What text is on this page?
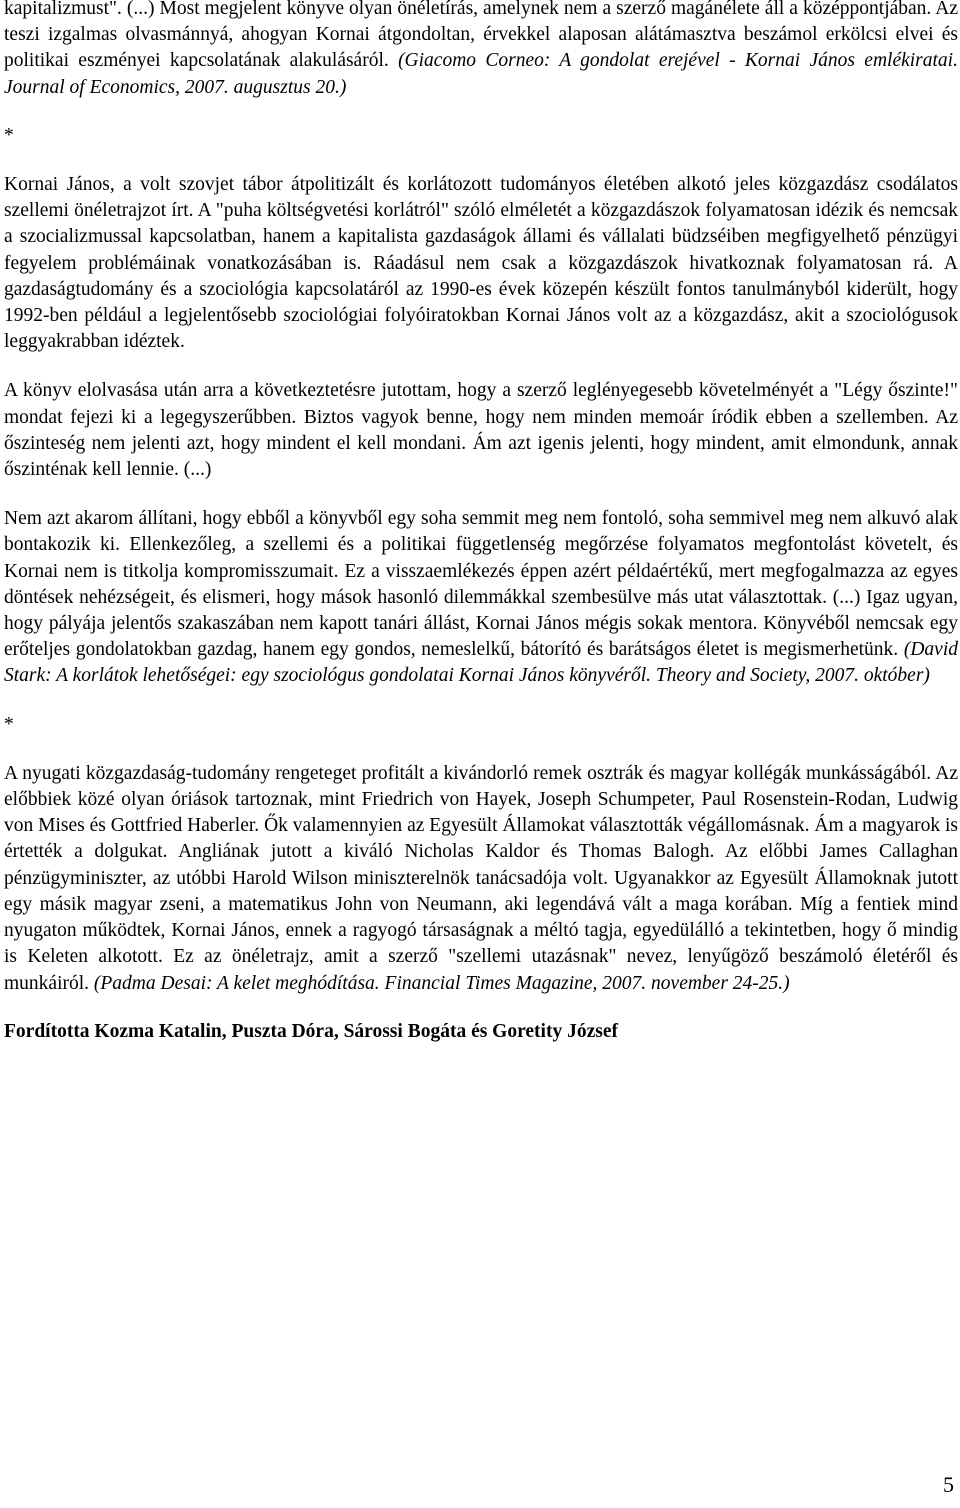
kapitalizmust". (...) Most megjelent könyve olyan önéletírás, amelynek nem a szerző magánélete áll a középpontjában. Az teszi izgalmas olvasmánnyá, ahogyan Kornai átgondoltan, érvekkel alaposan alátámasztva beszámol erkölcsi elvei és politikai eszményei kapcsolatának alakulásáról. (Giacomo Corneo: A gondolat erejével - Kornai János emlékiratai. Journal of Economics, 2007. augusztus 20.)

*

Kornai János, a volt szovjet tábor átpolitizált és korlátozott tudományos életében alkotó jeles közgazdász csodálatos szellemi önéletrajzot írt. A "puha költségvetési korlátról" szóló elméletét a közgazdászok folyamatosan idézik és nemcsak a szocializmussal kapcsolatban, hanem a kapitalista gazdaságok állami és vállalati büdzséiben megfigyelhető pénzügyi fegyelem problémáinak vonatkozásában is. Ráadásul nem csak a közgazdászok hivatkoznak folyamatosan rá. A gazdaságtudomány és a szociológia kapcsolatáról az 1990-es évek közepén készült fontos tanulmányból kiderült, hogy 1992-ben például a legjelentősebb szociológiai folyóiratokban Kornai János volt az a közgazdász, akit a szociológusok leggyakrabban idéztek.

A könyv elolvasása után arra a következtetésre jutottam, hogy a szerző leglényegesebb követelményét a "Légy őszinte!" mondat fejezi ki a legegyszerűbben. Biztos vagyok benne, hogy nem minden memoár íródik ebben a szellemben. Az őszinteség nem jelenti azt, hogy mindent el kell mondani. Ám azt igenis jelenti, hogy mindent, amit elmondunk, annak őszinténak kell lennie. (...)

Nem azt akarom állítani, hogy ebből a könyvből egy soha semmit meg nem fontoló, soha semmivel meg nem alkuvó alak bontakozik ki. Ellenkezőleg, a szellemi és a politikai függetlenség megőrzése folyamatos megfontolást követelt, és Kornai nem is titkolja kompromisszumait. Ez a visszaemlékezés éppen azért példaértékű, mert megfogalmazza az egyes döntések nehézségeit, és elismeri, hogy mások hasonló dilemmákkal szembesülve más utat választottak. (...) Igaz ugyan, hogy pályája jelentős szakaszában nem kapott tanári állást, Kornai János mégis sokak mentora. Könyvéből nemcsak egy erőteljes gondolatokban gazdag, hanem egy gondos, nemeslelkű, bátorító és barátságos életet is megismerhetünk. (David Stark: A korlátok lehetőségei: egy szociológus gondolatai Kornai János könyvéről. Theory and Society, 2007. október)

*

A nyugati közgazdaság-tudomány rengeteget profitált a kivándorló remek osztrák és magyar kollégák munkásságából. Az előbbiek közé olyan óriások tartoznak, mint Friedrich von Hayek, Joseph Schumpeter, Paul Rosenstein-Rodan, Ludwig von Mises és Gottfried Haberler. Ők valamennyien az Egyesült Államokat választották végállomásnak. Ám a magyarok is értették a dolgukat. Angliának jutott a kiváló Nicholas Kaldor és Thomas Balogh. Az előbbi James Callaghan pénzügyminiszter, az utóbbi Harold Wilson miniszterelnök tanácsadója volt. Ugyanakkor az Egyesült Államoknak jutott egy másik magyar zseni, a matematikus John von Neumann, aki legendává vált a maga korában. Míg a fentiek mind nyugaton működtek, Kornai János, ennek a ragyogó társaságnak a méltó tagja, egyedülálló a tekintetben, hogy ő mindig is Keleten alkotott. Ez az önéletrajz, amit a szerző "szellemi utazásnak" nevez, lenyűgöző beszámoló életéről és munkáiról. (Padma Desai: A kelet meghódítása. Financial Times Magazine, 2007. november 24-25.)

Fordította Kozma Katalin, Puszta Dóra, Sárossi Bogáta és Goretity József

5
